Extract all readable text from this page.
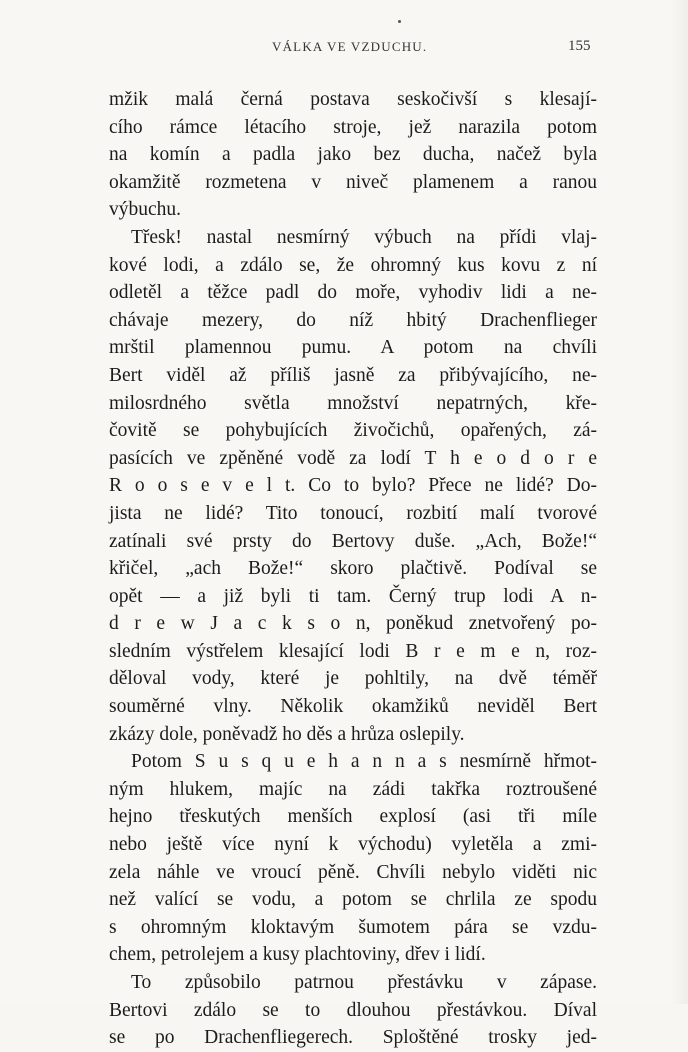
VÁLKA VE VZDUCHU.	155
mžik malá černá postava seskočivší s klesají-
cího rámce létacího stroje, jež narazila potom
na komín a padla jako bez ducha, načež byla
okamžitě rozmetena v niveč plamenem a ranou
výbuchu.
Třesk! nastal nesmírný výbuch na přídi vlaj-
kové lodi, a zdálo se, že ohromný kus kovu z ní
odletěl a těžce padl do moře, vyhodiv lidi a ne-
chávaje mezery, do níž hbitý Drachenflieger
mrštil plamennou pumu. A potom na chvíli
Bert viděl až příliš jasně za přibývajícího, ne-
milosrdného světla množství nepatrných, kře-
čovitě se pohybujících živočichů, opařených, zá-
pasících ve zpěněné vodě za lodí T h e o d o r e
R o o s e v e l t. Co to bylo? Přece ne lidé? Do-
jista ne lidé? Tito tonoucí, rozbití malí tvorové
zatínali své prsty do Bertovy duše. „Ach, Bože!“
křičel, „ach Bože!“ skoro plačtivě. Podíval se
opět — a již byli ti tam. Černý trup lodi A n-
d r e w J a c k s o n, poněkud znetvořený po-
sledním výstřelem klesající lodi B r e m e n, roz-
děloval vody, které je pohltily, na dvě téměř
souměrné vlny. Několik okamžiků neviděl Bert
zkázy dole, poněvadž ho děs a hrůza oslepily.
Potom S u s q u e h a n n a s nesmírně hřmot-
ným hlukem, majíc na zádi takřka roztroušené
hejno třeskutých menších explosí (asi tři míle
nebo ještě více nyní k východu) vyletěla a zmi-
zela náhle ve vroucí pěně. Chvíli nebylo viděti nic
než valící se vodu, a potom se chrlila ze spodu
s ohromným kloktavým šumotem pára se vzdu-
chem, petrolejem a kusy plachtoviny, dřev i lidí.
To způsobilo patrnou přestávku v zápase.
Bertovi zdálo se to dlouhou přestávkou. Díval
se po Drachenfliegerech. Sploštěné trosky jed-
